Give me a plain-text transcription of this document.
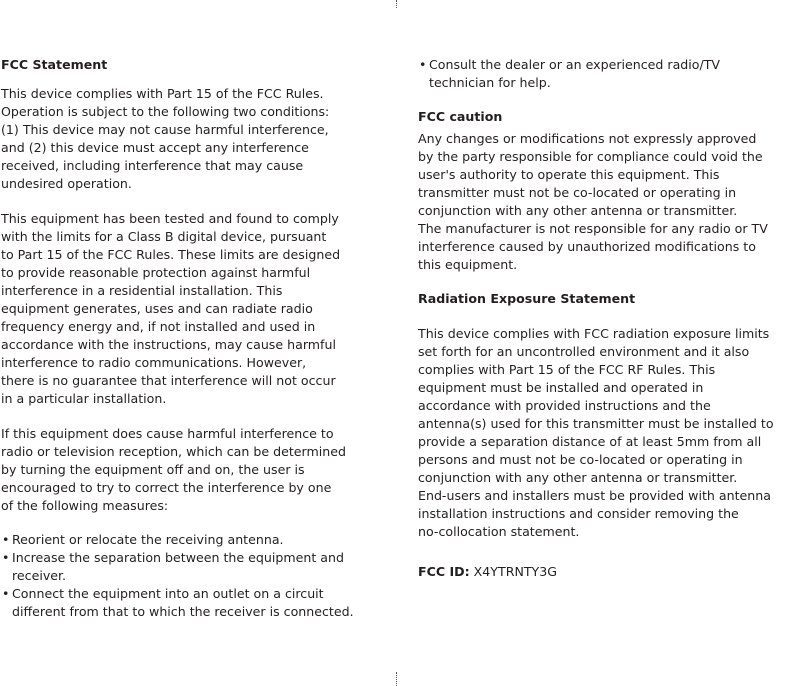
FCC Statement
This device complies with Part 15 of the FCC Rules.
Operation is subject to the following two conditions:
(1) This device may not cause harmful interference,
and (2) this device must accept any interference
received, including interference that may cause
undesired operation.
This equipment has been tested and found to comply
with the limits for a Class B digital device, pursuant
to Part 15 of the FCC Rules. These limits are designed
to provide reasonable protection against harmful
interference in a residential installation. This
equipment generates, uses and can radiate radio
frequency energy and, if not installed and used in
accordance with the instructions, may cause harmful
interference to radio communications. However,
there is no guarantee that interference will not occur
in a particular installation.
If this equipment does cause harmful interference to
radio or television reception, which can be determined
by turning the equipment off and on, the user is
encouraged to try to correct the interference by one
of the following measures:
• Reorient or relocate the receiving antenna.
• Increase the separation between the equipment and
receiver.
• Connect the equipment into an outlet on a circuit
different from that to which the receiver is connected.
• Consult the dealer or an experienced radio/TV
technician for help.
FCC caution
Any changes or modifications not expressly approved
by the party responsible for compliance could void the
user's authority to operate this equipment. This
transmitter must not be co-located or operating in
conjunction with any other antenna or transmitter.
The manufacturer is not responsible for any radio or TV
interference caused by unauthorized modifications to
this equipment.
Radiation Exposure Statement
This device complies with FCC radiation exposure limits
set forth for an uncontrolled environment and it also
complies with Part 15 of the FCC RF Rules. This
equipment must be installed and operated in
accordance with provided instructions and the
antenna(s) used for this transmitter must be installed to
provide a separation distance of at least 5mm from all
persons and must not be co-located or operating in
conjunction with any other antenna or transmitter.
End-users and installers must be provided with antenna
installation instructions and consider removing the
no-collocation statement.
FCC ID: X4YTRNTY3G
